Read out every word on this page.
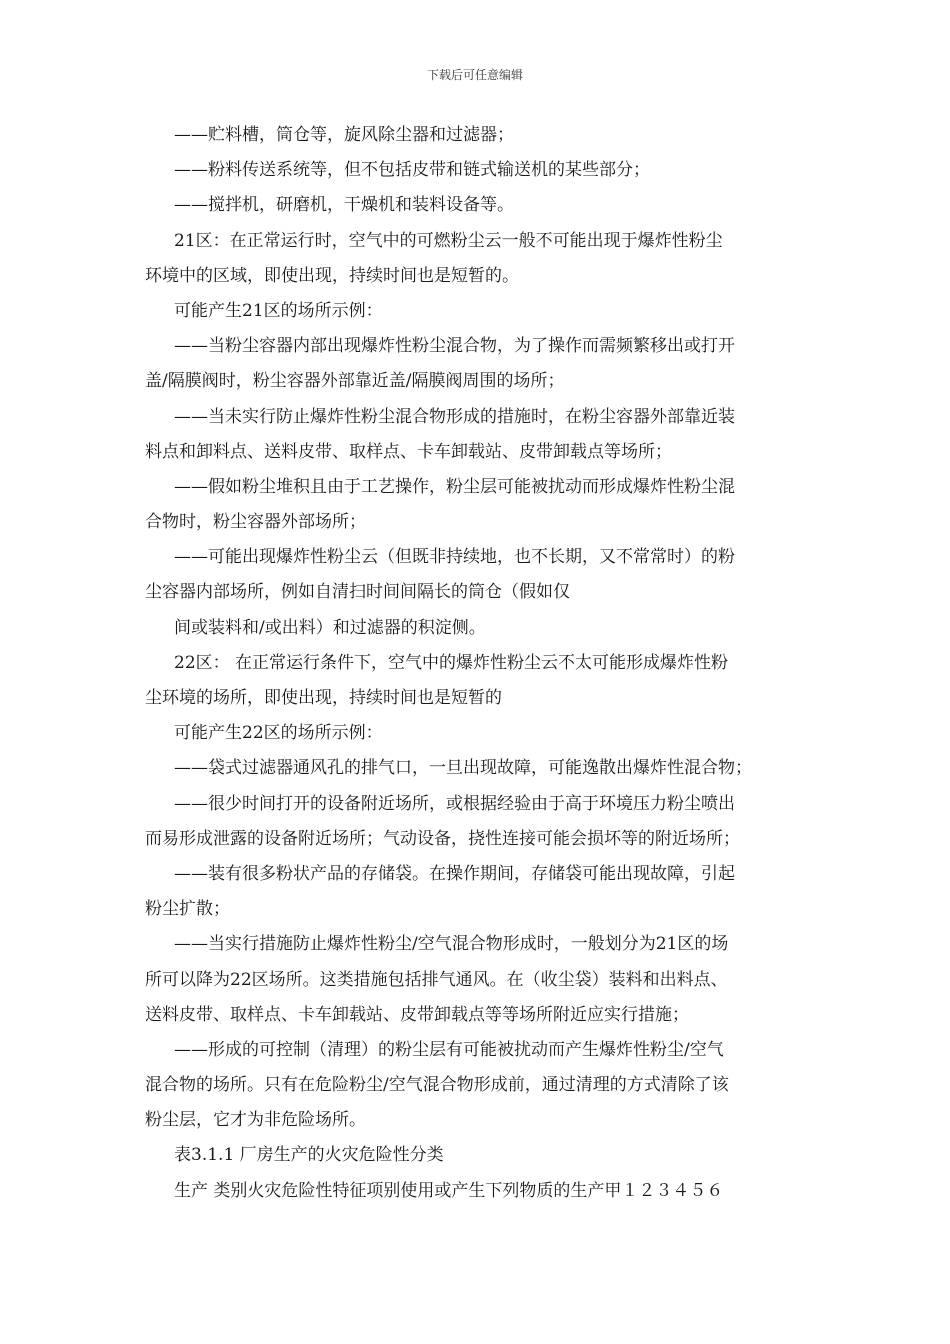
下载后可任意编辑
——贮料槽，筒仓等，旋风除尘器和过滤器；
——粉料传送系统等，但不包括皮带和链式输送机的某些部分；
——搅拌机，研磨机，干燥机和装料设备等。
21区：在正常运行时，空气中的可燃粉尘云一般不可能出现于爆炸性粉尘
环境中的区域，即使出现，持续时间也是短暂的。
可能产生21区的场所示例：
——当粉尘容器内部出现爆炸性粉尘混合物，为了操作而需频繁移出或打开
盖/隔膜阀时，粉尘容器外部靠近盖/隔膜阀周围的场所；
——当未实行防止爆炸性粉尘混合物形成的措施时，在粉尘容器外部靠近装
料点和卸料点、送料皮带、取样点、卡车卸载站、皮带卸载点等场所；
——假如粉尘堆积且由于工艺操作，粉尘层可能被扰动而形成爆炸性粉尘混
合物时，粉尘容器外部场所；
——可能出现爆炸性粉尘云（但既非持续地，也不长期，又不常常时）的粉
尘容器内部场所，例如自清扫时间间隔长的筒仓（假如仅
间或装料和/或出料）和过滤器的积淀侧。
22区： 在正常运行条件下，空气中的爆炸性粉尘云不太可能形成爆炸性粉
尘环境的场所，即使出现，持续时间也是短暂的
可能产生22区的场所示例：
——袋式过滤器通风孔的排气口，一旦出现故障，可能逸散出爆炸性混合物；
——很少时间打开的设备附近场所，或根据经验由于高于环境压力粉尘喷出
而易形成泄露的设备附近场所；气动设备，挠性连接可能会损坏等的附近场所；
——装有很多粉状产品的存储袋。在操作期间，存储袋可能出现故障，引起
粉尘扩散；
——当实行措施防止爆炸性粉尘/空气混合物形成时，一般划分为21区的场
所可以降为22区场所。这类措施包括排气通风。在（收尘袋）装料和出料点、
送料皮带、取样点、卡车卸载站、皮带卸载点等等场所附近应实行措施；
——形成的可控制（清理）的粉尘层有可能被扰动而产生爆炸性粉尘/空气
混合物的场所。只有在危险粉尘/空气混合物形成前，通过清理的方式清除了该
粉尘层，它才为非危险场所。
表3.1.1 厂房生产的火灾危险性分类
生产 类别火灾危险性特征项别使用或产生下列物质的生产甲１２３４５６
